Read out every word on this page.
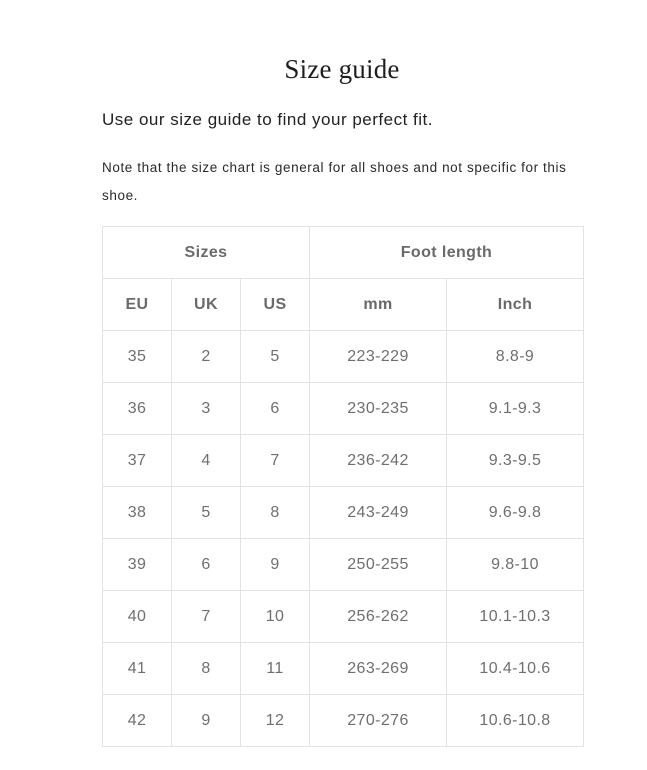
Size guide
Use our size guide to find your perfect fit.
Note that the size chart is general for all shoes and not specific for this shoe.
Sizes			Foot length	
EU	UK	US	mm	Inch
35	2	5	223-229	8.8-9
36	3	6	230-235	9.1-9.3
37	4	7	236-242	9.3-9.5
38	5	8	243-249	9.6-9.8
39	6	9	250-255	9.8-10
40	7	10	256-262	10.1-10.3
41	8	11	263-269	10.4-10.6
42	9	12	270-276	10.6-10.8
